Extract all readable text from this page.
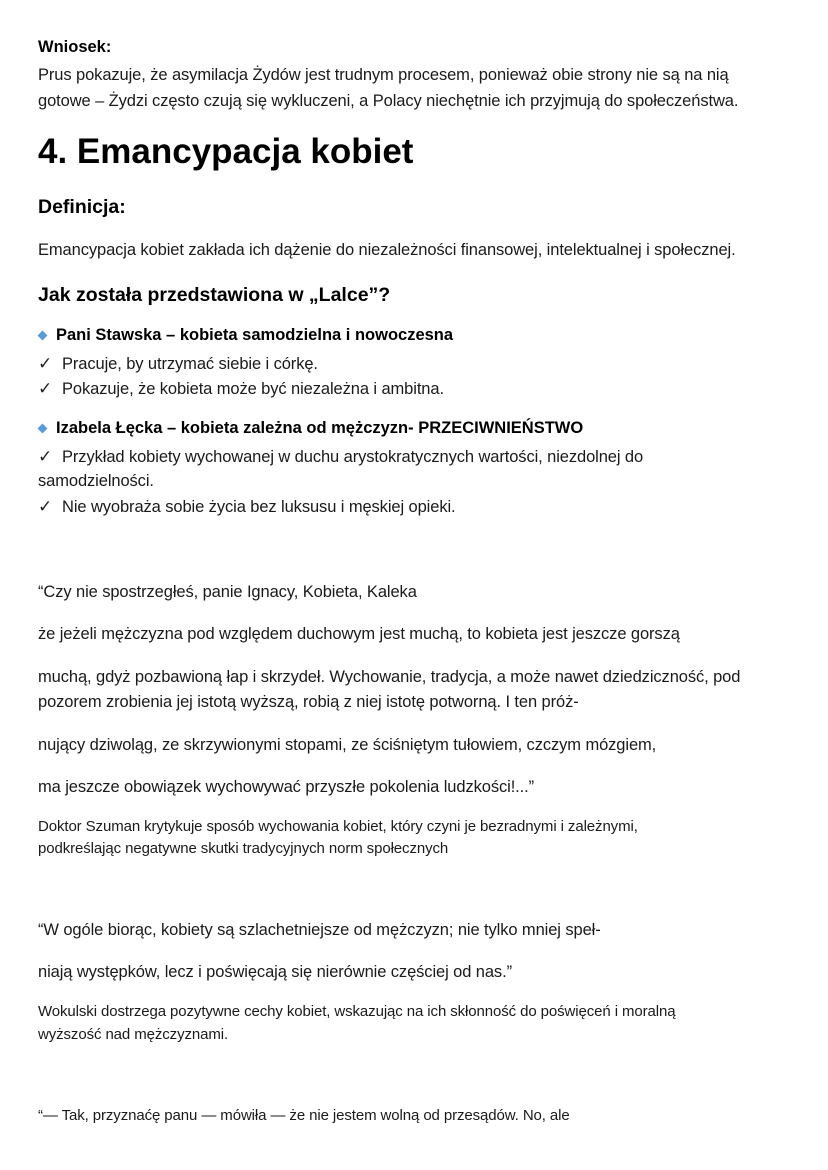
Wniosek:
Prus pokazuje, że asymilacja Żydów jest trudnym procesem, ponieważ obie strony nie są na nią
gotowe – Żydzi często czują się wykluczeni, a Polacy niechętnie ich przyjmują do społeczeństwa.
4. Emancypacja kobiet
Definicja:
Emancypacja kobiet zakłada ich dążenie do niezależności finansowej, intelektualnej i społecznej.
Jak została przedstawiona w „Lalce”?
Pani Stawska – kobieta samodzielna i nowoczesna
✓ Pracuje, by utrzymać siebie i córkę.
✓ Pokazuje, że kobieta może być niezależna i ambitna.
Izabela Łęcka – kobieta zależna od mężczyzn- PRZECIWNIEŃSTWO
✓ Przykład kobiety wychowanej w duchu arystokratycznych wartości, niezdolnej do
samodzielności.
✓ Nie wyobraża sobie życia bez luksusu i męskiej opieki.
“Czy nie spostrzegłeś, panie Ignacy, Kobieta, Kaleka
że jeżeli mężczyzna pod względem duchowym jest muchą, to kobieta jest jeszcze gorszą
muchą, gdyż pozbawioną łap i skrzydeł. Wychowanie, tradycja, a może nawet dziedziczność, pod
pozorem zrobienia jej istotą wyższą, robią z niej istotę potworną. I ten próż-
nujący dziwoląg, ze skrzywionymi stopami, ze ściśniętym tułowiem, czczym mózgiem,
ma jeszcze obowiązek wychowywać przyszłe pokolenia ludzkości!...”
Doktor Szuman krytykuje sposób wychowania kobiet, który czyni je bezradnymi i zależnymi,
podkreślając negatywne skutki tradycyjnych norm społecznych
“W ogóle biorąc, kobiety są szlachetniejsze od mężczyzn; nie tylko mniej speł-
niają występków, lecz i poświęcają się nierównie częściej od nas.”
Wokulski dostrzega pozytywne cechy kobiet, wskazując na ich skłonność do poświęceń i moralną
wyższość nad mężczyznami.
“— Tak, przyznaćę panu — mówiła — że nie jestem wolną od przesądów. No, ale
